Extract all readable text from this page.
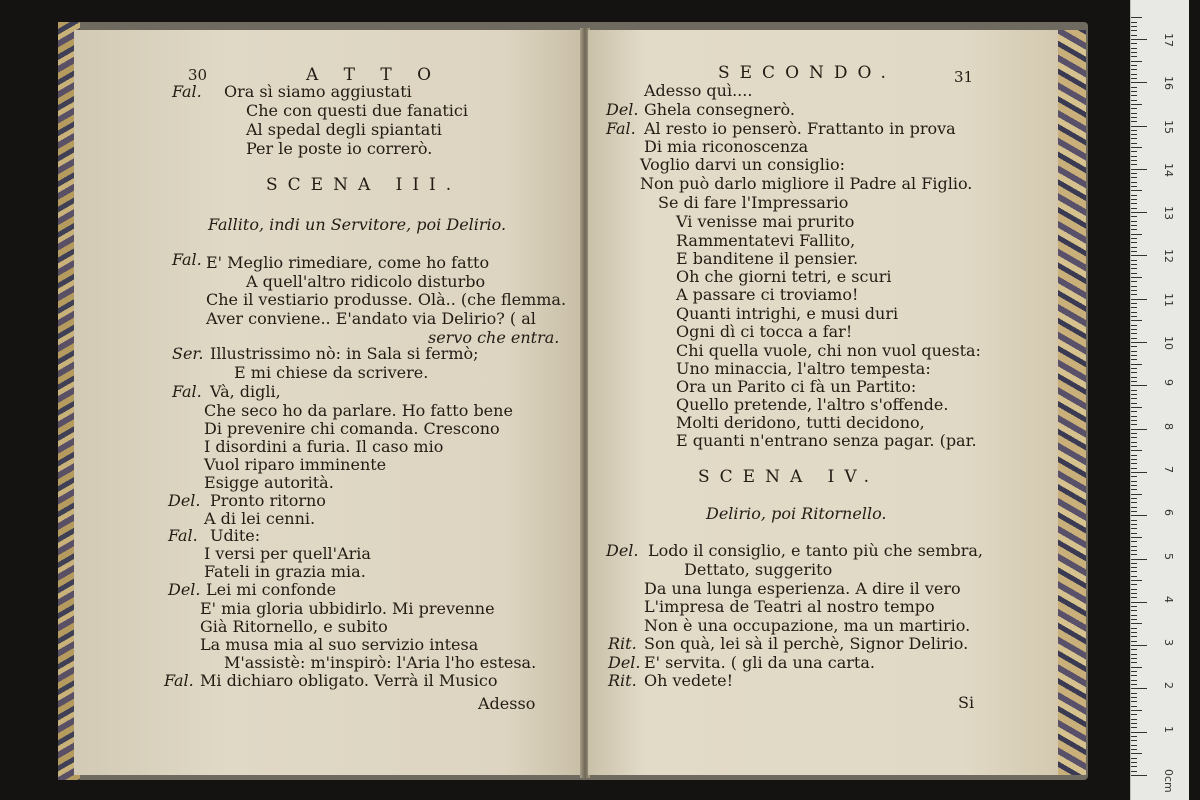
30	A T T O
Fal. Ora sì siamo aggiustati
Che con questi due fanatici
Al spedal degli spiantati
Per le poste io correrò.
SCENA III.
Fallito, indi un Servitore, poi Delirio.
Fal. E' Meglio rimediare, come ho fatto
A quell'altro ridicolo disturbo
Che il vestiario produsse. Olà.. (che flemma.
Aver conviene.. E'andato via Delirio? ( al
servo che entra.
Ser. Illustrissimo nò: in Sala si fermò;
E mi chiese da scrivere.
Fal. Và, digli,
Che seco ho da parlare. Ho fatto bene
Di prevenire chi comanda. Crescono
I disordini a furia. Il caso mio
Vuol riparo imminente
Esigge autorità.
Del. Pronto ritorno
A di lei cenni.
Fal. Udite:
I versi per quell'Aria
Fateli in grazia mia.
Del. Lei mi confonde
E' mia gloria ubbidirlo. Mi prevenne
Già Ritornello, e subito
La musa mia al suo servizio intesa
M'assistè: m'inspirò: l'Aria l'ho estesa.
Fal. Mi dichiaro obligato. Verrà il Musico
Adesso
SECONDO.	31
Adesso quì....
Del. Ghela consegnerò.
Fal. Al resto io penserò. Frattanto in prova
Di mia riconoscenza
Voglio darvi un consiglio:
Non può darlo migliore il Padre al Figlio.
Se di fare l'Impressario
Vi venisse mai prurito
Rammentatevi Fallito,
E banditene il pensier.
Oh che giorni tetri, e scuri
A passare ci troviamo!
Quanti intrighi, e musi duri
Ogni dì ci tocca a far!
Chi quella vuole, chi non vuol questa:
Uno minaccia, l'altro tempesta:
Ora un Parito ci fà un Partito:
Quello pretende, l'altro s'offende.
Molti deridono, tutti decidono,
E quanti n'entrano senza pagar. (par.
SCENA IV.
Delirio, poi Ritornello.
Del. Lodo il consiglio, e tanto più che sembra,
Dettato, suggerito
Da una lunga esperienza. A dire il vero
L'impresa de Teatri al nostro tempo
Non è una occupazione, ma un martirio.
Rit. Son quà, lei sà il perchè, Signor Delirio.
Del. E' servita. ( gli da una carta.
Rit. Oh vedete!
Si
0cm
1
2
3
4
5
6
7
8
9
10
11
12
13
14
15
16
17
